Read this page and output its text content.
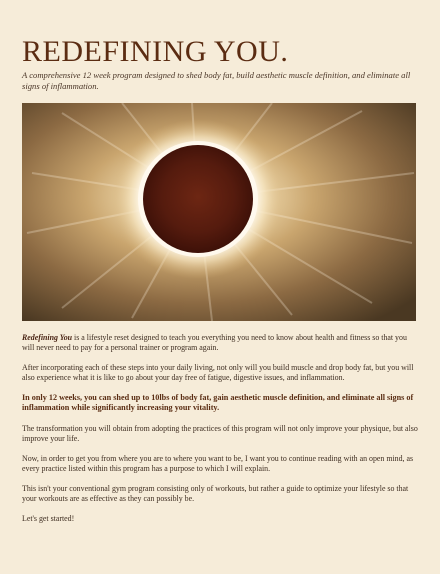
REDEFINING YOU.
A comprehensive 12 week program designed to shed body fat, build aesthetic muscle definition, and eliminate all signs of inflammation.

Redefining You is a lifestyle reset designed to teach you everything you need to know about health and fitness so that you will never need to pay for a personal trainer or program again.

After incorporating each of these steps into your daily living, not only will you build muscle and drop body fat, but you will also experience what it is like to go about your day free of fatigue, digestive issues, and inflammation.

In only 12 weeks, you can shed up to 10lbs of body fat, gain aesthetic muscle definition, and eliminate all signs of inflammation while significantly increasing your vitality.

The transformation you will obtain from adopting the practices of this program will not only improve your physique, but also improve your life.

Now, in order to get you from where you are to where you want to be, I want you to continue reading with an open mind, as every practice listed within this program has a purpose to which I will explain.

This isn't your conventional gym program consisting only of workouts, but rather a guide to optimize your lifestyle so that your workouts are as effective as they can possibly be.

Let's get started!
